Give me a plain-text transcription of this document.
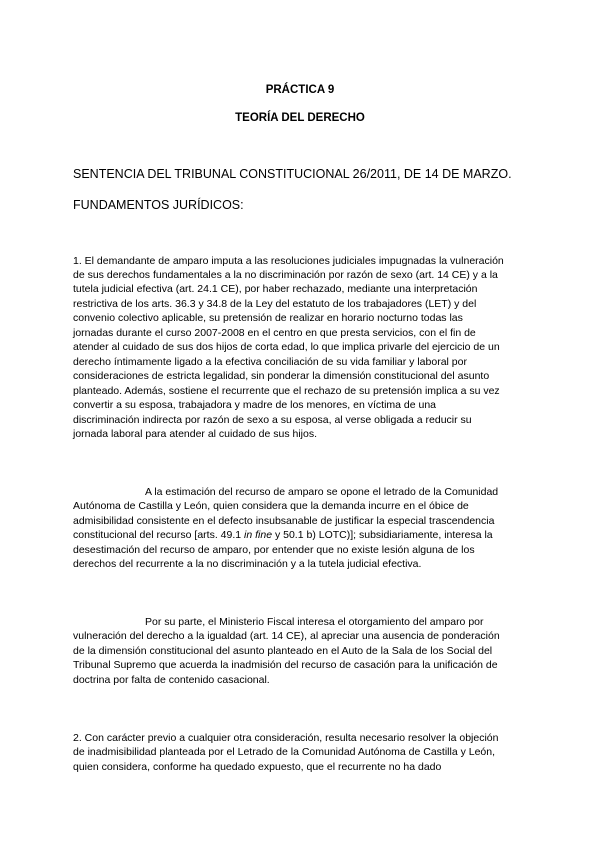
PRÁCTICA 9
TEORÍA DEL DERECHO
SENTENCIA DEL TRIBUNAL CONSTITUCIONAL 26/2011, DE 14 DE MARZO.
FUNDAMENTOS JURÍDICOS:
1. El demandante de amparo imputa a las resoluciones judiciales impugnadas la vulneración
de sus derechos fundamentales a la no discriminación por razón de sexo (art. 14 CE) y a la
tutela judicial efectiva (art. 24.1 CE), por haber rechazado, mediante una interpretación
restrictiva de los arts. 36.3 y 34.8 de la Ley del estatuto de los trabajadores (LET) y del
convenio colectivo aplicable, su pretensión de realizar en horario nocturno todas las
jornadas durante el curso 2007-2008 en el centro en que presta servicios, con el fin de
atender al cuidado de sus dos hijos de corta edad, lo que implica privarle del ejercicio de un
derecho íntimamente ligado a la efectiva conciliación de su vida familiar y laboral por
consideraciones de estricta legalidad, sin ponderar la dimensión constitucional del asunto
planteado. Además, sostiene el recurrente que el rechazo de su pretensión implica a su vez
convertir a su esposa, trabajadora y madre de los menores, en víctima de una
discriminación indirecta por razón de sexo a su esposa, al verse obligada a reducir su
jornada laboral para atender al cuidado de sus hijos.
A la estimación del recurso de amparo se opone el letrado de la Comunidad
Autónoma de Castilla y León, quien considera que la demanda incurre en el óbice de
admisibilidad consistente en el defecto insubsanable de justificar la especial trascendencia
constitucional del recurso [arts. 49.1 in fine y 50.1 b) LOTC)]; subsidiariamente, interesa la
desestimación del recurso de amparo, por entender que no existe lesión alguna de los
derechos del recurrente a la no discriminación y a la tutela judicial efectiva.
Por su parte, el Ministerio Fiscal interesa el otorgamiento del amparo por
vulneración del derecho a la igualdad (art. 14 CE), al apreciar una ausencia de ponderación
de la dimensión constitucional del asunto planteado en el Auto de la Sala de los Social del
Tribunal Supremo que acuerda la inadmisión del recurso de casación para la unificación de
doctrina por falta de contenido casacional.
2. Con carácter previo a cualquier otra consideración, resulta necesario resolver la objeción
de inadmisibilidad planteada por el Letrado de la Comunidad Autónoma de Castilla y León,
quien considera, conforme ha quedado expuesto, que el recurrente no ha dado
